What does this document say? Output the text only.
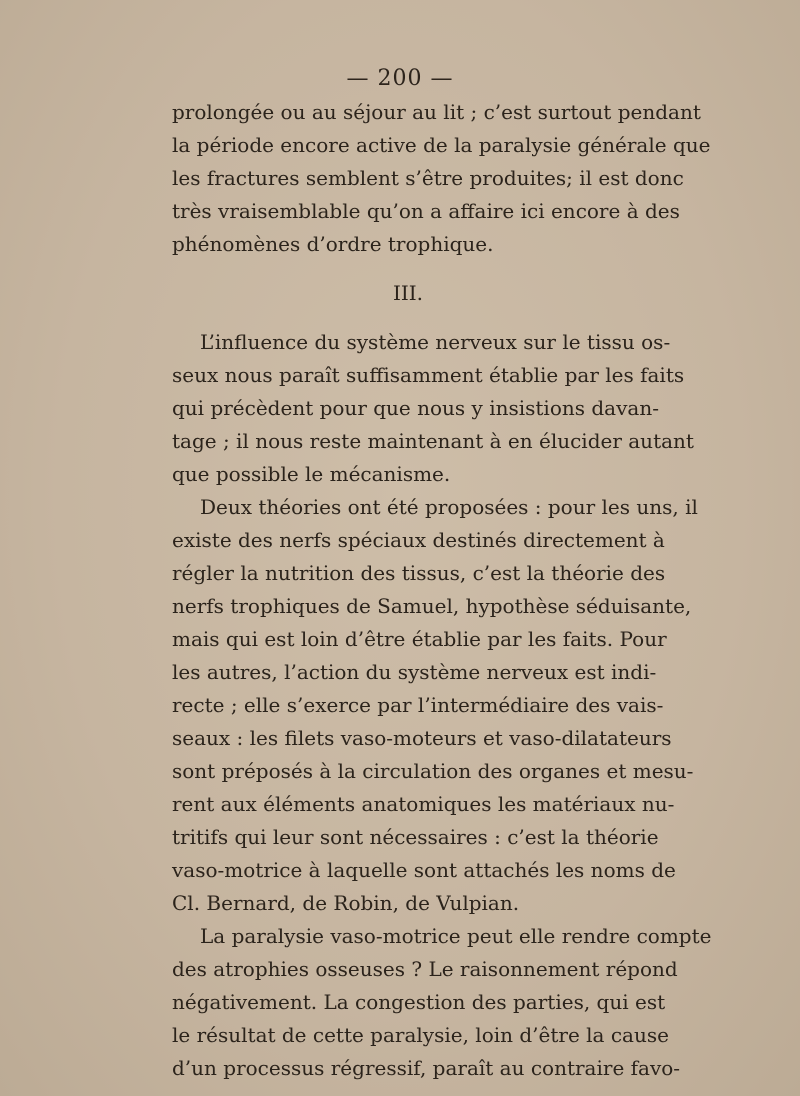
— 200 —
prolongée ou au séjour au lit ; c’est surtout pendant
la période encore active de la paralysie générale que
les fractures semblent s’être produites; il est donc
très vraisemblable qu’on a affaire ici encore à des
phénomènes d’ordre trophique.
III.
L’influence du système nerveux sur le tissu os-
seux nous paraît suffisamment établie par les faits
qui précèdent pour que nous y insistions davan-
tage ; il nous reste maintenant à en élucider autant
que possible le mécanisme.
Deux théories ont été proposées : pour les uns, il
existe des nerfs spéciaux destinés directement à
régler la nutrition des tissus, c’est la théorie des
nerfs trophiques de Samuel, hypothèse séduisante,
mais qui est loin d’être établie par les faits. Pour
les autres, l’action du système nerveux est indi-
recte ; elle s’exerce par l’intermédiaire des vais-
seaux : les filets vaso-moteurs et vaso-dilatateurs
sont préposés à la circulation des organes et mesu-
rent aux éléments anatomiques les matériaux nu-
tritifs qui leur sont nécessaires : c’est la théorie
vaso-motrice à laquelle sont attachés les noms de
Cl. Bernard, de Robin, de Vulpian.
La paralysie vaso-motrice peut elle rendre compte
des atrophies osseuses ? Le raisonnement répond
négativement. La congestion des parties, qui est
le résultat de cette paralysie, loin d’être la cause
d’un processus régressif, paraît au contraire favo-
